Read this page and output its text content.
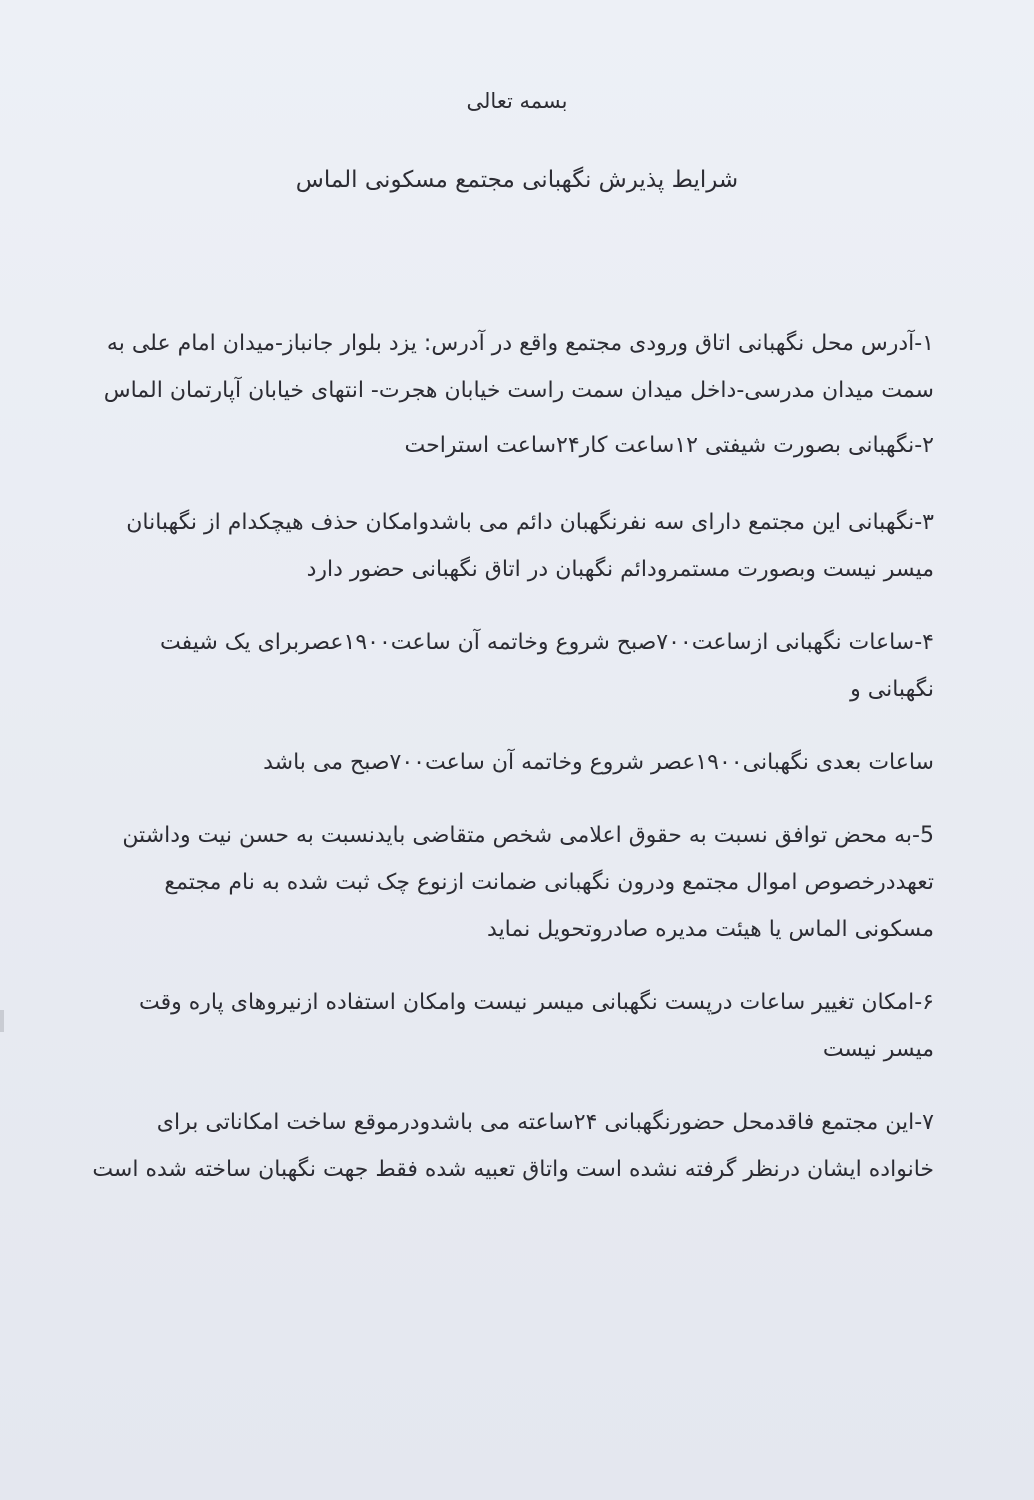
بسمه تعالی
شرایط پذیرش نگهبانی مجتمع مسکونی الماس

۱-آدرس محل نگهبانی اتاق ورودی مجتمع واقع در آدرس: یزد بلوار جانباز-میدان امام علی به
سمت میدان مدرسی-داخل میدان سمت راست خیابان هجرت- انتهای خیابان آپارتمان الماس

۲-نگهبانی بصورت شیفتی ۱۲ساعت کار۲۴ساعت استراحت

۳-نگهبانی این مجتمع دارای سه نفرنگهبان دائم می باشدوامکان حذف هیچکدام از نگهبانان
میسر نیست وبصورت مستمرودائم نگهبان در اتاق نگهبانی حضور دارد

۴-ساعات نگهبانی ازساعت۷۰۰صبح شروع وخاتمه آن ساعت۱۹۰۰عصربرای یک شیفت
نگهبانی و

ساعات بعدی نگهبانی۱۹۰۰عصر شروع وخاتمه آن ساعت۷۰۰صبح می باشد

5-به محض توافق نسبت به حقوق اعلامی شخص متقاضی بایدنسبت به حسن نیت وداشتن
تعهددرخصوص اموال مجتمع ودرون نگهبانی ضمانت ازنوع چک ثبت شده به نام مجتمع
مسکونی الماس یا هیئت مدیره صادروتحویل نماید

۶-امکان تغییر ساعات درپست نگهبانی میسر نیست وامکان استفاده ازنیروهای پاره وقت
میسر نیست

۷-این مجتمع فاقدمحل حضورنگهبانی ۲۴ساعته می باشدودرموقع ساخت امکاناتی برای
خانواده ایشان درنظر گرفته نشده است واتاق تعبیه شده فقط جهت نگهبان ساخته شده است
